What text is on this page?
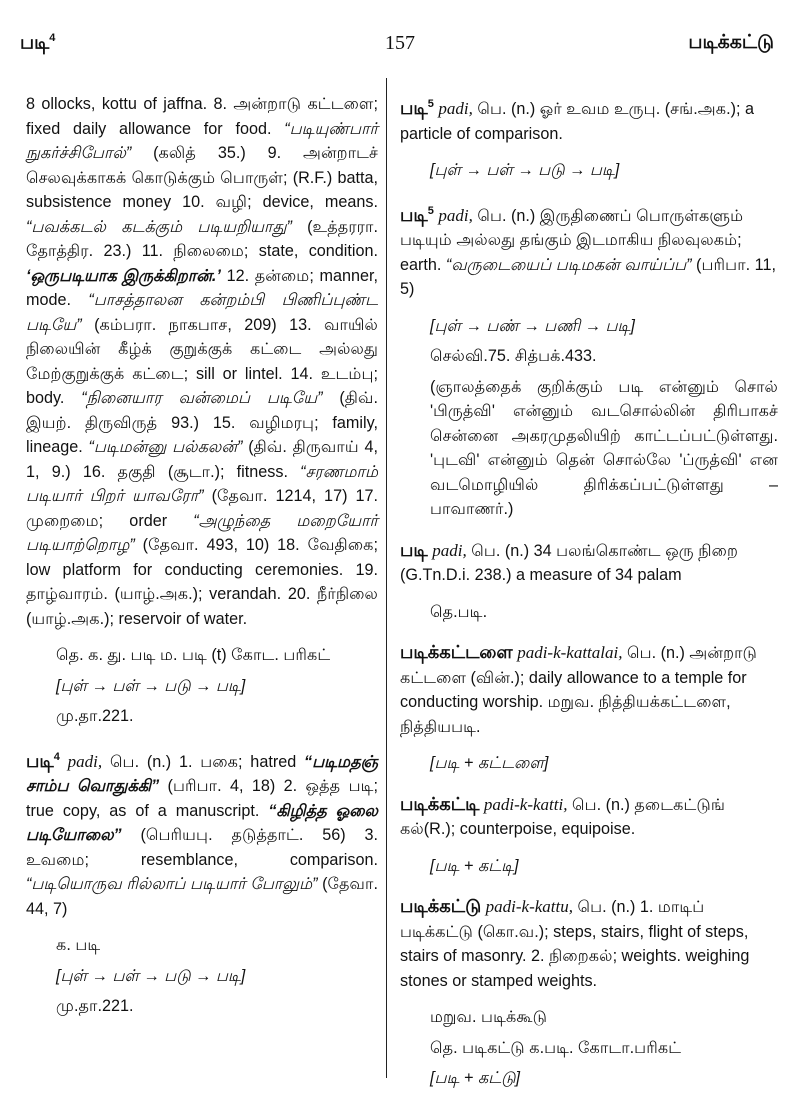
படி$^4$	157	படிக்கட்டு
8 ollocks, kottu of jaffna. 8. அன்றாடு கட்டளை; fixed daily allowance for food. “படியுண்பார் நுகர்ச்சிபோல்” (கலித் 35.) 9. அன்றாடச் செலவுக்காகக் கொடுக்கும் பொருள்; (R.F.) batta, subsistence money 10. வழி; device, means. “பவக்கடல் கடக்கும் படியறியாது” (உத்தரரா. தோத்திர. 23.) 11. நிலைமை; state, condition. ‘ஒருபடியாக இருக்கிறான்.’ 12. தன்மை; manner, mode. “பாசத்தாலன கன்றம்பி பிணிப்புண்ட படியே” (கம்பரா. நாகபாச, 209) 13. வாயில் நிலையின் கீழ்க் குறுக்குக் கட்டை அல்லது மேற்குறுக்குக் கட்டை; sill or lintel. 14. உடம்பு; body. “நினையார வன்மைப் படியே” (திவ். இயற். திருவிருத் 93.) 15. வழிமரபு; family, lineage. “படிமன்னு பல்கலன்” (திவ். திருவாய் 4, 1, 9.) 16. தகுதி (சூடா.); fitness. “சரணமாம் படியார் பிறர் யாவரோ” (தேவா. 1214, 17) 17. முறைமை; order “அழுந்தை மறையோர் படியாற்றொழ” (தேவா. 493, 10) 18. வேதிகை; low platform for conducting ceremonies. 19. தாழ்வாரம். (யாழ்.அக.); verandah. 20. நீர்நிலை (யாழ்.அக.); reservoir of water.
தெ. க. து. படி ம. படி (t) கோட. பரிகட்
[புள் → பள் → படு → படி]
மு.தா.221.
படி$^4$ padi, பெ. (n.) 1. பகை; hatred “படிமதஞ் சாம்ப வொதுக்கி” (பரிபா. 4, 18) 2. ஒத்த படி; true copy, as of a manuscript. “கிழித்த ஓலை படியோலை” (பெரியபு. தடுத்தாட். 56) 3. உவமை; resemblance, comparison. “படியொருவ ரில்லாப் படியார் போலும்” (தேவா. 44, 7)
க. படி
[புள் → பள் → படு → படி]
மு.தா.221.
படி$^5$ padi, பெ. (n.) ஓர் உவம உருபு. (சங்.அக.); a particle of comparison.
[புள் → பள் → படு → படி]
படி$^5$ padi, பெ. (n.) இருதிணைப் பொருள்களும் படியும் அல்லது தங்கும் இடமாகிய நிலவுலகம்; earth. “வருடையைப் படிமகன் வாய்ப்ப” (பரிபா. 11, 5)
[புள் → பண் → பணி → படி]
செல்வி.75. சித்பக்.433.
(ஞாலத்தைக் குறிக்கும் படி என்னும் சொல் 'பிருத்வி' என்னும் வடசொல்லின் திரிபாகச் சென்னை அகரமுதலியிற் காட்டப்பட்டுள்ளது. 'புடவி' என்னும் தென் சொல்லே 'ப்ருத்வி' என வடமொழியில் திரிக்கப்பட்டுள்ளது – பாவாணர்.)
படி padi, பெ. (n.) 34 பலங்கொண்ட ஒரு நிறை (G.Tn.D.i. 238.) a measure of 34 palam
தெ.படி.
படிக்கட்டளை padi-k-kattalai, பெ. (n.) அன்றாடு கட்டளை (வின்.); daily allowance to a temple for conducting worship. மறுவ. நித்தியக்கட்டளை, நித்தியபடி.
[படி + கட்டளை]
படிக்கட்டி padi-k-katti, பெ. (n.) தடைகட்டுங் கல்(R.); counterpoise, equipoise.
[படி + கட்டி]
படிக்கட்டு padi-k-kattu, பெ. (n.) 1. மாடிப் படிக்கட்டு (கொ.வ.); steps, stairs, flight of steps, stairs of masonry. 2. நிறைகல்; weights. weighing stones or stamped weights.
மறுவ. படிக்கூடு
தெ. படிகட்டு க.படி. கோடா.பரிகட்
[படி + கட்டு]
